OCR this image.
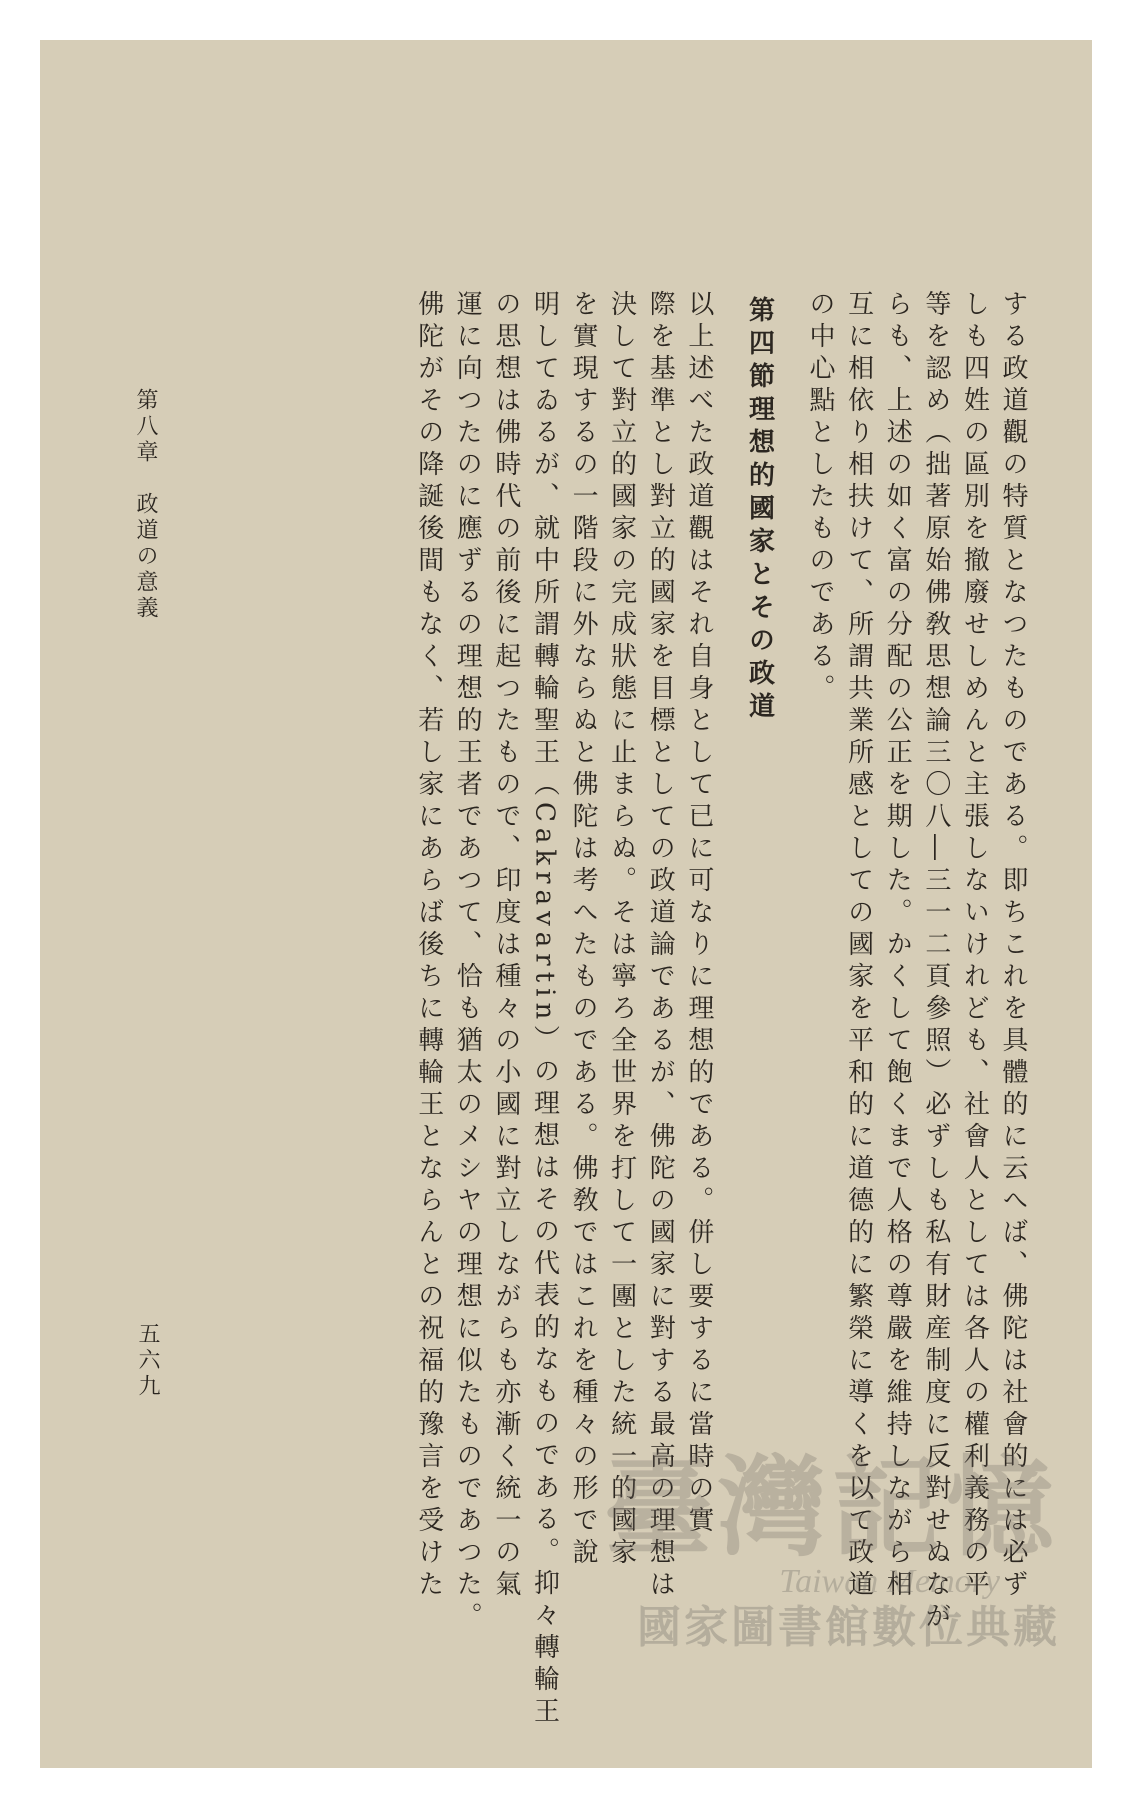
する政道觀の特質となつたものである。即ちこれを具體的に云へば、佛陀は社會的には必ず
しも四姓の區別を撤廢せしめんと主張しないけれども、社會人としては各人の權利義務の平
等を認め（拙著原始佛敎思想論三〇八―三一二頁參照）必ずしも私有財産制度に反對せぬなが
らも、上述の如く富の分配の公正を期した。かくして飽くまで人格の尊嚴を維持しながら相
互に相依り相扶けて、所謂共業所感としての國家を平和的に道德的に繁榮に導くを以て政道
の中心點としたものである。
第四節理想的國家とその政道
以上述べた政道觀はそれ自身として已に可なりに理想的である。併し要するに當時の實
際を基準とし對立的國家を目標としての政道論であるが、佛陀の國家に對する最高の理想は
決して對立的國家の完成狀態に止まらぬ。そは寧ろ全世界を打して一團とした統一的國家
を實現するの一階段に外ならぬと佛陀は考へたものである。佛敎ではこれを種々の形で說
明してゐるが、就中所謂轉輪聖王（Cakravartin）の理想はその代表的なものである。抑々轉輪王
の思想は佛時代の前後に起つたもので、印度は種々の小國に對立しながらも亦漸く統一の氣
運に向つたのに應ずるの理想的王者であつて、恰も猶太のメシヤの理想に似たものであつた。
佛陀がその降誕後間もなく、若し家にあらば後ちに轉輪王とならんとの祝福的豫言を受けた
第八章政道の意義
五六九
臺灣記憶
Taiwan Memory
國家圖書館數位典藏
